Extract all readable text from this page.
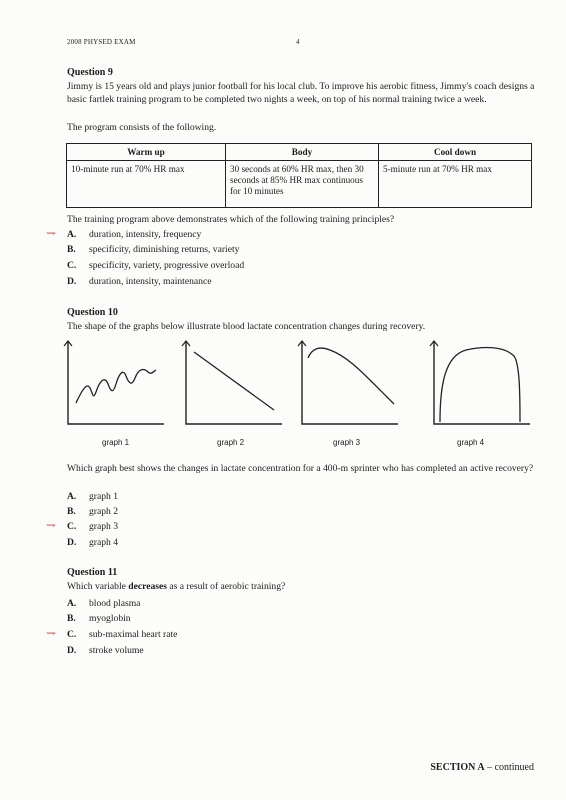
2008 PHYSED EXAM	4
Question 9
Jimmy is 15 years old and plays junior football for his local club. To improve his aerobic fitness, Jimmy's coach designs a basic fartlek training program to be completed two nights a week, on top of his normal training twice a week.
The program consists of the following.
Warm up	Body	Cool down
10-minute run at 70% HR max	30 seconds at 60% HR max, then 30 seconds at 85% HR max continuous for 10 minutes	5-minute run at 70% HR max
The training program above demonstrates which of the following training principles?
⇁ A. duration, intensity, frequency
B. specificity, diminishing returns, variety
C. specificity, variety, progressive overload
D. duration, intensity, maintenance
Question 10
The shape of the graphs below illustrate blood lactate concentration changes during recovery.
graph 1	graph 2	graph 3	graph 4
Which graph best shows the changes in lactate concentration for a 400-m sprinter who has completed an active recovery?
A. graph 1
B. graph 2
⇁ C. graph 3
D. graph 4
Question 11
Which variable decreases as a result of aerobic training?
A. blood plasma
B. myoglobin
⇁ C. sub-maximal heart rate
D. stroke volume
SECTION A – continued
